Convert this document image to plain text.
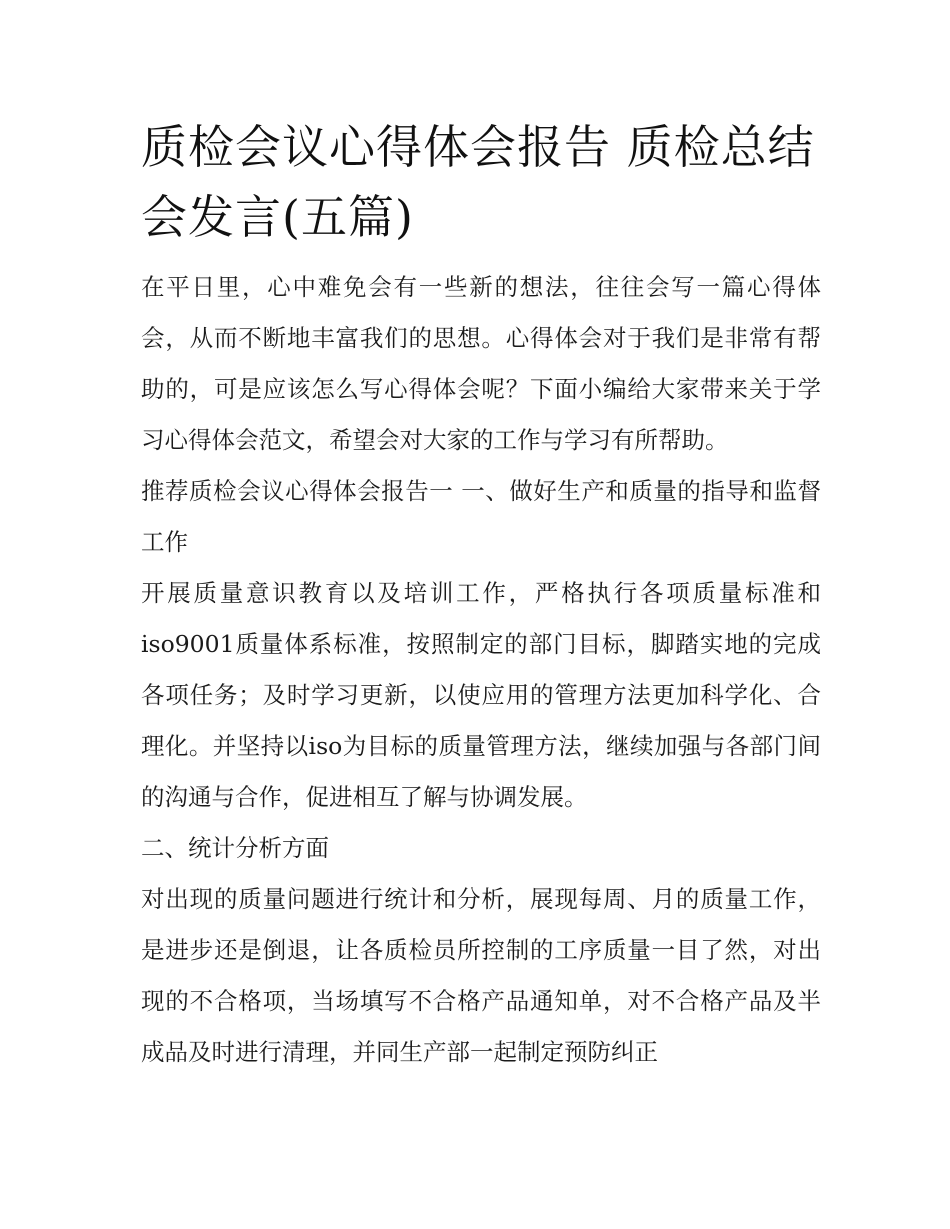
质检会议心得体会报告 质检总结会发言(五篇)

在平日里，心中难免会有一些新的想法，往往会写一篇心得体会，从而不断地丰富我们的思想。心得体会对于我们是非常有帮助的，可是应该怎么写心得体会呢？下面小编给大家带来关于学习心得体会范文，希望会对大家的工作与学习有所帮助。

推荐质检会议心得体会报告一 一、做好生产和质量的指导和监督工作

开展质量意识教育以及培训工作，严格执行各项质量标准和iso9001质量体系标准，按照制定的部门目标，脚踏实地的完成各项任务；及时学习更新，以使应用的管理方法更加科学化、合理化。并坚持以iso为目标的质量管理方法，继续加强与各部门间的沟通与合作，促进相互了解与协调发展。

二、统计分析方面

对出现的质量问题进行统计和分析，展现每周、月的质量工作，是进步还是倒退，让各质检员所控制的工序质量一目了然，对出现的不合格项，当场填写不合格产品通知单，对不合格产品及半成品及时进行清理，并同生产部一起制定预防纠正
